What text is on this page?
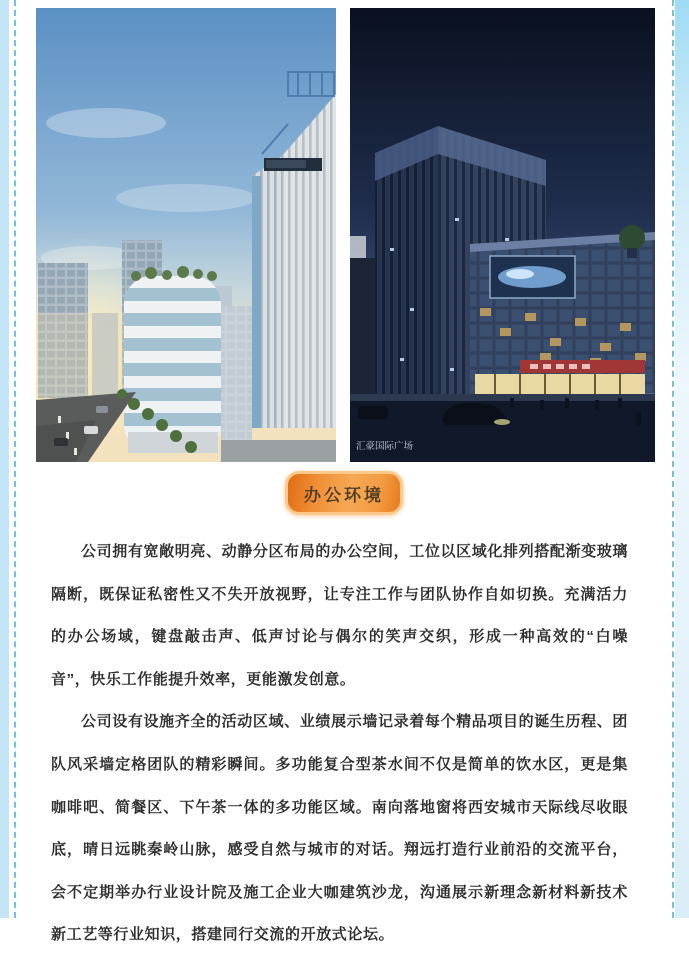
汇豪国际广场
办公环境

公司拥有宽敞明亮、动静分区布局的办公空间，工位以区域化排列搭配渐变玻璃隔断，既保证私密性又不失开放视野，让专注工作与团队协作自如切换。充满活力的办公场域，键盘敲击声、低声讨论与偶尔的笑声交织，形成一种高效的“白噪音”，快乐工作能提升效率，更能激发创意。

公司设有设施齐全的活动区域、业绩展示墙记录着每个精品项目的诞生历程、团队风采墙定格团队的精彩瞬间。多功能复合型茶水间不仅是简单的饮水区，更是集咖啡吧、简餐区、下午茶一体的多功能区域。南向落地窗将西安城市天际线尽收眼底，晴日远眺秦岭山脉，感受自然与城市的对话。翔远打造行业前沿的交流平台，会不定期举办行业设计院及施工企业大咖建筑沙龙，沟通展示新理念新材料新技术新工艺等行业知识，搭建同行交流的开放式论坛。
